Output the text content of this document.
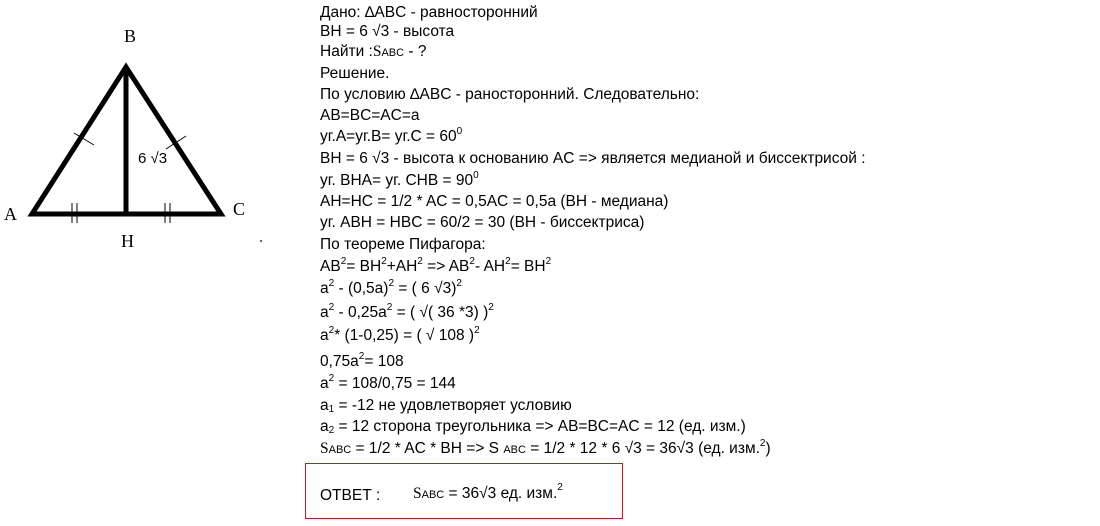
B
A	C
H
6 √3
Дано: ∆ABC - равносторонний
BH = 6 √3 - высота
Найти :SABC - ?
Решение.
По условию ∆ABC - раносторонний. Следовательно:
AB=BC=AC=a
$уг.A=уг.B= уг.C = 60^0$
BH = 6 √3 - высота к основанию AC => является медианой и биссектрисой :
уг. BHA= уг. CHB = $90^0$
AH=HC = 1/2 * AC = 0,5AC = 0,5a (BH - медиана)
уг. ABH = HBC = 60/2 = 30 (BH - биссектриса)
По теореме Пифагора:
$AB^2= BH^2+AH^2 => AB^2-$ $AH^2= BH^2$
$a^2 - (0,5a)^2$ = ( 6 √3)$^2$
$a^2 - 0,25a^2$ = ( √( 36 *3) )$^2$
$a^2*$ (1-0,25) = ( √ 108 )$^2$
$0,75a^2= 108$
$a^2 = 108/0,75 = 144$
$a_1 = -12$ не удовлетворяет условию
$a_2 = 12$ сторона треугольника => AB=BC=AC = 12 (ед. изм.)
SABC = 1/2 * AC * BH => S ABC = 1/2 * 12 * 6 √3 = 36√3 (ед. изм.$^2$)
ОТВЕТ : SABC = 36√3 ед. изм.$^2$
